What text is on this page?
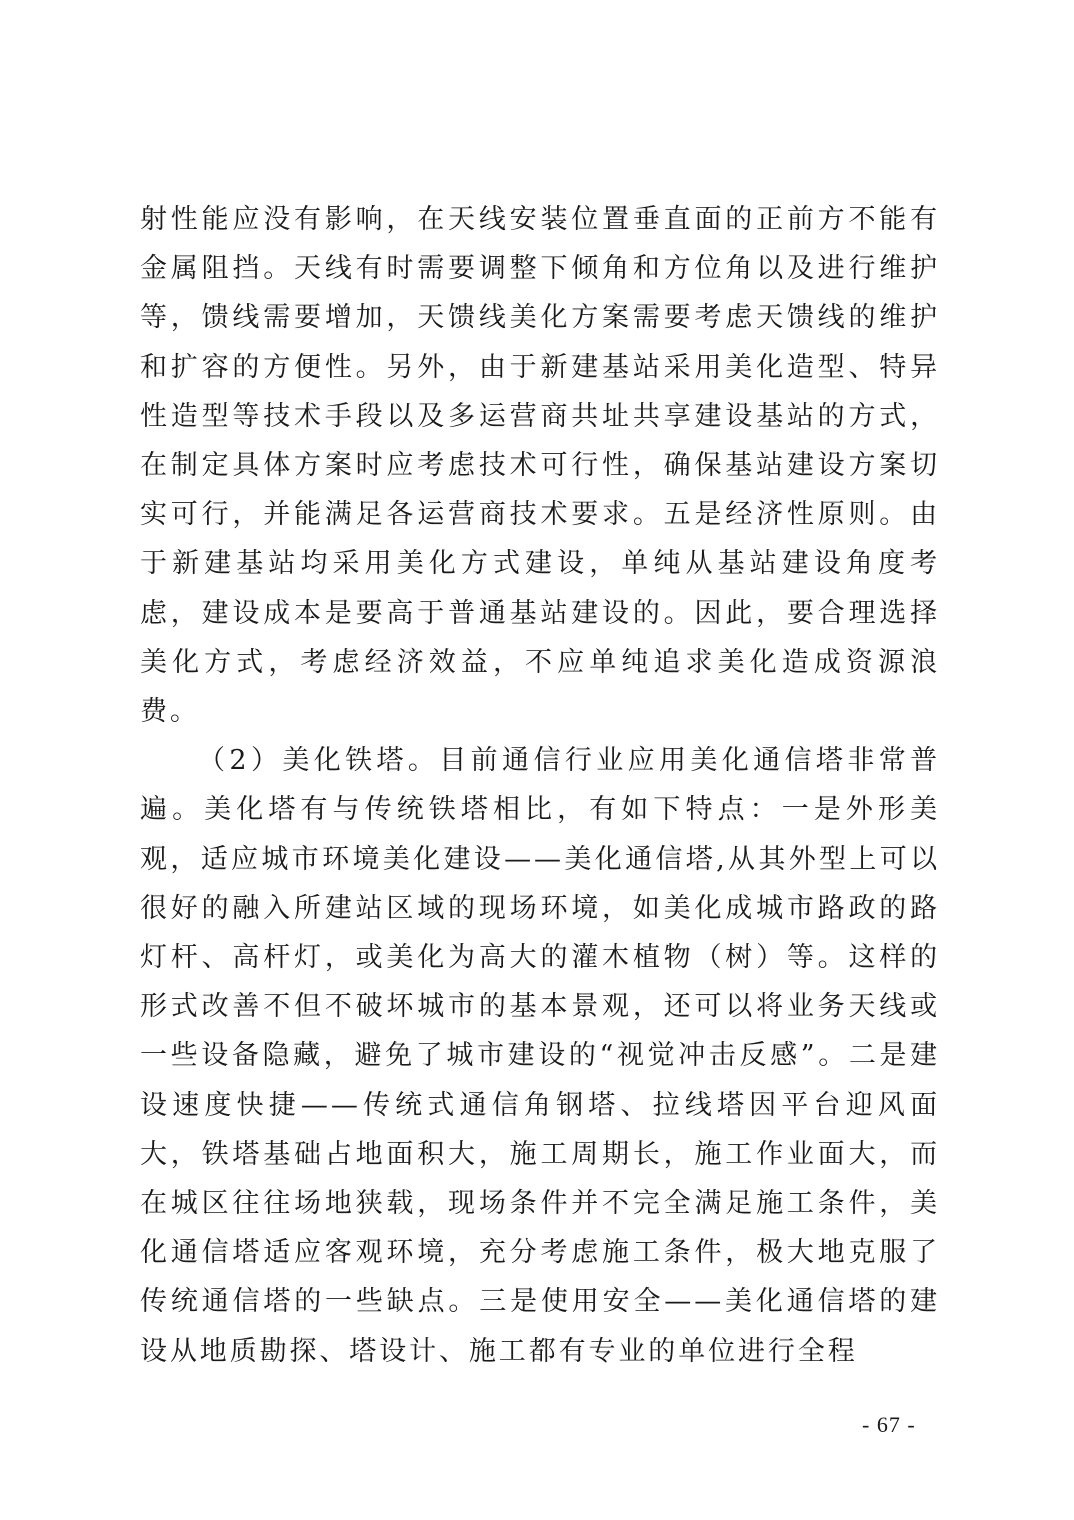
射性能应没有影响，在天线安装位置垂直面的正前方不能有金属阻挡。天线有时需要调整下倾角和方位角以及进行维护等，馈线需要增加，天馈线美化方案需要考虑天馈线的维护和扩容的方便性。另外，由于新建基站采用美化造型、特异性造型等技术手段以及多运营商共址共享建设基站的方式，在制定具体方案时应考虑技术可行性，确保基站建设方案切实可行，并能满足各运营商技术要求。五是经济性原则。由于新建基站均采用美化方式建设，单纯从基站建设角度考虑，建设成本是要高于普通基站建设的。因此，要合理选择美化方式，考虑经济效益，不应单纯追求美化造成资源浪费。

（2）美化铁塔。目前通信行业应用美化通信塔非常普遍。美化塔有与传统铁塔相比，有如下特点：一是外形美观，适应城市环境美化建设——美化通信塔,从其外型上可以很好的融入所建站区域的现场环境，如美化成城市路政的路灯杆、高杆灯，或美化为高大的灌木植物（树）等。这样的形式改善不但不破坏城市的基本景观，还可以将业务天线或一些设备隐藏，避免了城市建设的“视觉冲击反感”。二是建设速度快捷——传统式通信角钢塔、拉线塔因平台迎风面大，铁塔基础占地面积大，施工周期长，施工作业面大，而在城区往往场地狭载，现场条件并不完全满足施工条件，美化通信塔适应客观环境，充分考虑施工条件，极大地克服了传统通信塔的一些缺点。三是使用安全——美化通信塔的建设从地质勘探、塔设计、施工都有专业的单位进行全程

- 67 -
